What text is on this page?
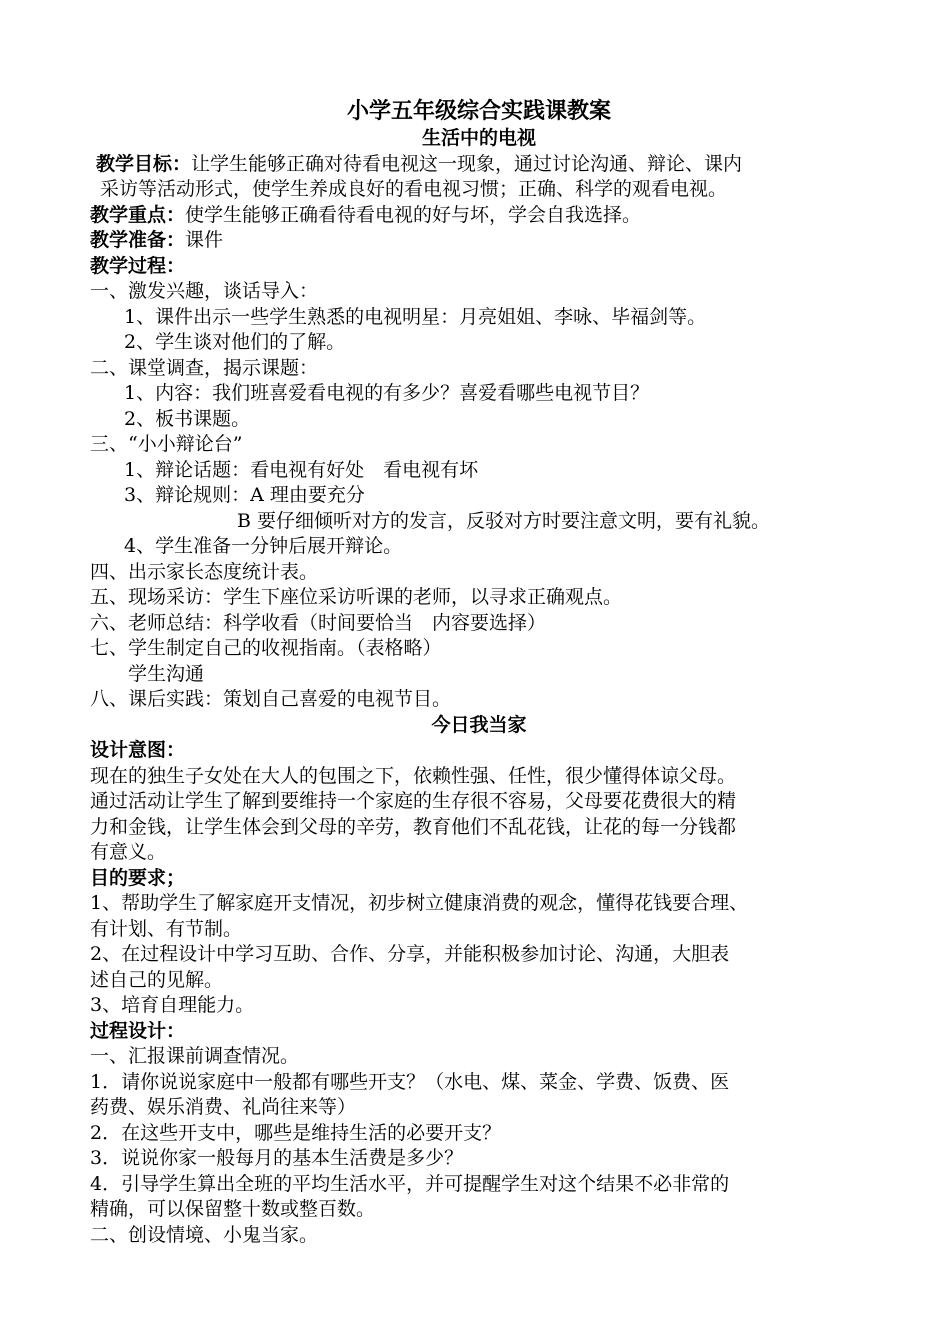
小学五年级综合实践课教案
生活中的电视
教学目标：让学生能够正确对待看电视这一现象，通过讨论沟通、辩论、课内
采访等活动形式，使学生养成良好的看电视习惯；正确、科学的观看电视。
教学重点：使学生能够正确看待看电视的好与坏，学会自我选择。
教学准备：课件
教学过程：
一、激发兴趣，谈话导入：
1、课件出示一些学生熟悉的电视明星：月亮姐姐、李咏、毕福剑等。
2、学生谈对他们的了解。
二、课堂调查，揭示课题：
1、内容：我们班喜爱看电视的有多少？喜爱看哪些电视节目？
2、板书课题。
三、“小小辩论台”
1、辩论话题：看电视有好处　看电视有坏
3、辩论规则：A 理由要充分
B 要仔细倾听对方的发言，反驳对方时要注意文明，要有礼貌。
4、学生准备一分钟后展开辩论。
四、出示家长态度统计表。
五、现场采访：学生下座位采访听课的老师，以寻求正确观点。
六、老师总结：科学收看（时间要恰当　内容要选择）
七、学生制定自己的收视指南。（表格略）
学生沟通
八、课后实践：策划自己喜爱的电视节目。
今日我当家
设计意图：
现在的独生子女处在大人的包围之下，依赖性强、任性，很少懂得体谅父母。
通过活动让学生了解到要维持一个家庭的生存很不容易，父母要花费很大的精
力和金钱，让学生体会到父母的辛劳，教育他们不乱花钱，让花的每一分钱都
有意义。
目的要求；
1、帮助学生了解家庭开支情况，初步树立健康消费的观念，懂得花钱要合理、
有计划、有节制。
2、在过程设计中学习互助、合作、分享，并能积极参加讨论、沟通，大胆表
述自己的见解。
3、培育自理能力。
过程设计：
一、汇报课前调查情况。
1．请你说说家庭中一般都有哪些开支？（水电、煤、菜金、学费、饭费、医
药费、娱乐消费、礼尚往来等）
2．在这些开支中，哪些是维持生活的必要开支？
3．说说你家一般每月的基本生活费是多少？
4．引导学生算出全班的平均生活水平，并可提醒学生对这个结果不必非常的
精确，可以保留整十数或整百数。
二、创设情境、小鬼当家。
